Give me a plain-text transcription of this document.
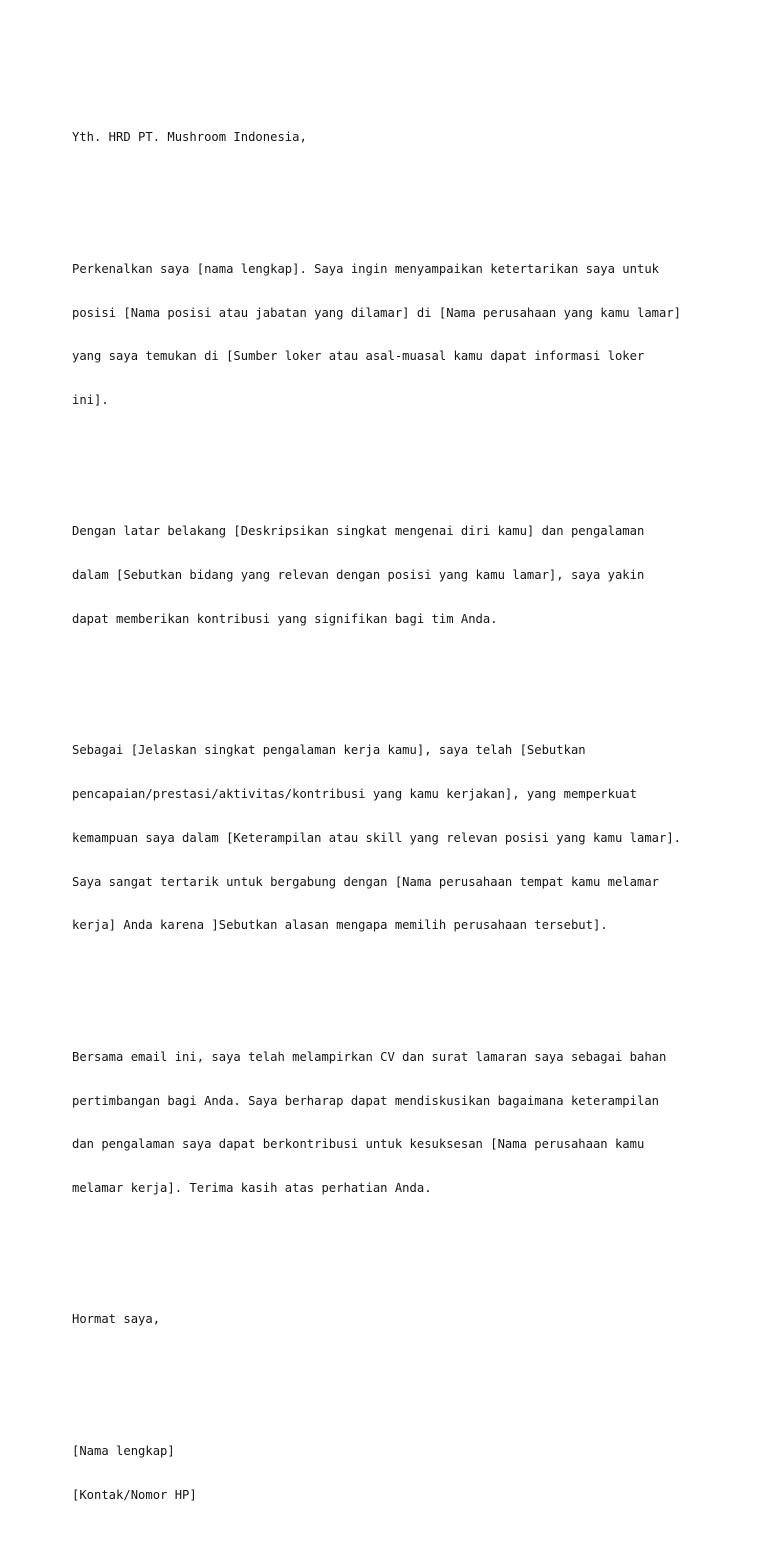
Yth. HRD PT. Mushroom Indonesia,

Perkenalkan saya [nama lengkap]. Saya ingin menyampaikan ketertarikan saya untuk

posisi [Nama posisi atau jabatan yang dilamar] di [Nama perusahaan yang kamu lamar]

yang saya temukan di [Sumber loker atau asal-muasal kamu dapat informasi loker

ini].

Dengan latar belakang [Deskripsikan singkat mengenai diri kamu] dan pengalaman

dalam [Sebutkan bidang yang relevan dengan posisi yang kamu lamar], saya yakin

dapat memberikan kontribusi yang signifikan bagi tim Anda.

Sebagai [Jelaskan singkat pengalaman kerja kamu], saya telah [Sebutkan

pencapaian/prestasi/aktivitas/kontribusi yang kamu kerjakan], yang memperkuat

kemampuan saya dalam [Keterampilan atau skill yang relevan posisi yang kamu lamar].

Saya sangat tertarik untuk bergabung dengan [Nama perusahaan tempat kamu melamar

kerja] Anda karena ]Sebutkan alasan mengapa memilih perusahaan tersebut].

Bersama email ini, saya telah melampirkan CV dan surat lamaran saya sebagai bahan

pertimbangan bagi Anda. Saya berharap dapat mendiskusikan bagaimana keterampilan

dan pengalaman saya dapat berkontribusi untuk kesuksesan [Nama perusahaan kamu

melamar kerja]. Terima kasih atas perhatian Anda.

Hormat saya,

[Nama lengkap]

[Kontak/Nomor HP]
